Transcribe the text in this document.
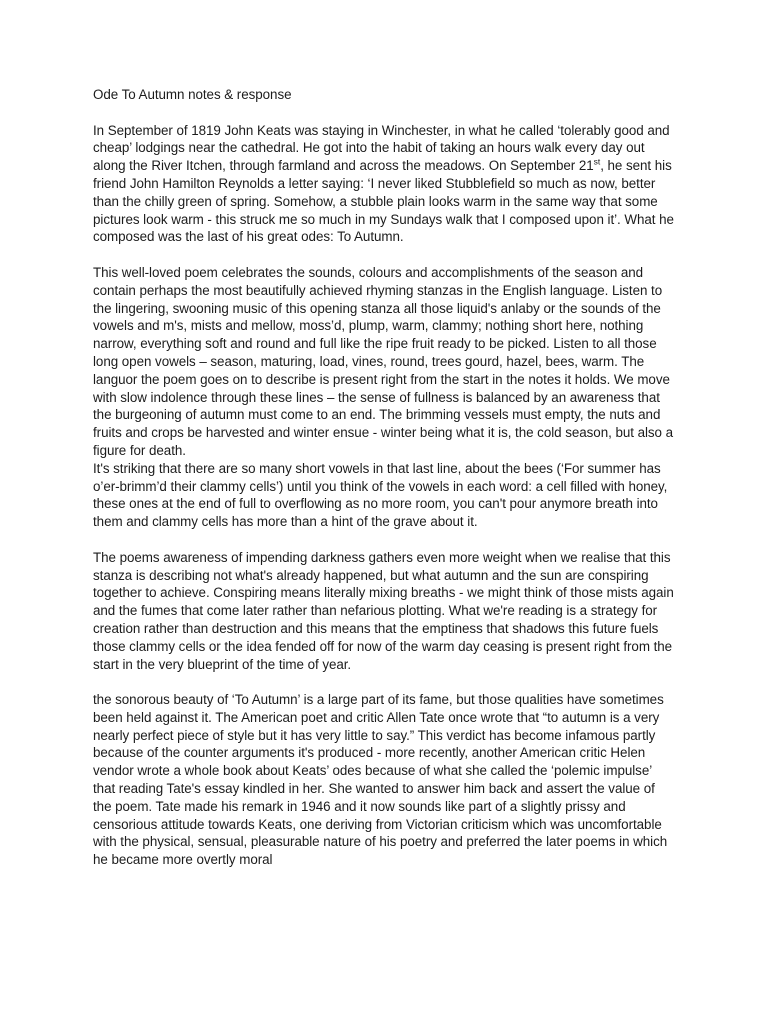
Ode To Autumn notes & response

In September of 1819 John Keats was staying in Winchester, in what he called ‘tolerably good and cheap’ lodgings near the cathedral. He got into the habit of taking an hours walk every day out along the River Itchen, through farmland and across the meadows. On September 21st, he sent his friend John Hamilton Reynolds a letter saying: ‘I never liked Stubblefield so much as now, better than the chilly green of spring. Somehow, a stubble plain looks warm in the same way that some pictures look warm - this struck me so much in my Sundays walk that I composed upon it’. What he composed was the last of his great odes: To Autumn.

This well-loved poem celebrates the sounds, colours and accomplishments of the season and contain perhaps the most beautifully achieved rhyming stanzas in the English language. Listen to the lingering, swooning music of this opening stanza all those liquid's anlaby or the sounds of the vowels and m's, mists and mellow, moss’d, plump, warm, clammy; nothing short here, nothing narrow, everything soft and round and full like the ripe fruit ready to be picked. Listen to all those long open vowels – season, maturing, load, vines, round, trees gourd, hazel, bees, warm. The languor the poem goes on to describe is present right from the start in the notes it holds. We move with slow indolence through these lines – the sense of fullness is balanced by an awareness that the burgeoning of autumn must come to an end. The brimming vessels must empty, the nuts and fruits and crops be harvested and winter ensue - winter being what it is, the cold season, but also a figure for death.

It's striking that there are so many short vowels in that last line, about the bees (‘For summer has o’er-brimm’d their clammy cells’) until you think of the vowels in each word: a cell filled with honey, these ones at the end of full to overflowing as no more room, you can't pour anymore breath into them and clammy cells has more than a hint of the grave about it.

The poems awareness of impending darkness gathers even more weight when we realise that this stanza is describing not what's already happened, but what autumn and the sun are conspiring together to achieve. Conspiring means literally mixing breaths - we might think of those mists again and the fumes that come later rather than nefarious plotting. What we're reading is a strategy for creation rather than destruction and this means that the emptiness that shadows this future fuels those clammy cells or the idea fended off for now of the warm day ceasing is present right from the start in the very blueprint of the time of year.

the sonorous beauty of ‘To Autumn’ is a large part of its fame, but those qualities have sometimes been held against it. The American poet and critic Allen Tate once wrote that “to autumn is a very nearly perfect piece of style but it has very little to say.” This verdict has become infamous partly because of the counter arguments it's produced - more recently, another American critic Helen vendor wrote a whole book about Keats’ odes because of what she called the ‘polemic impulse’ that reading Tate's essay kindled in her. She wanted to answer him back and assert the value of the poem. Tate made his remark in 1946 and it now sounds like part of a slightly prissy and censorious attitude towards Keats, one deriving from Victorian criticism which was uncomfortable with the physical, sensual, pleasurable nature of his poetry and preferred the later poems in which he became more overtly moral
